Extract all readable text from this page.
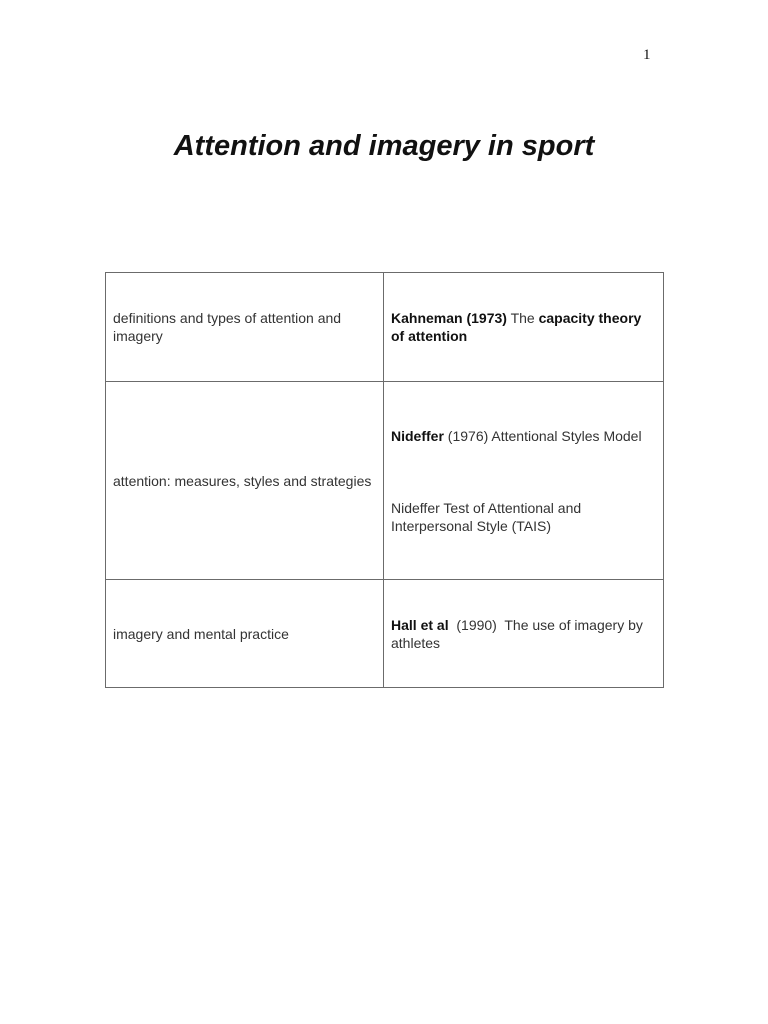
1
Attention and imagery in sport
definitions and types of attention and imagery	Kahneman (1973) The capacity theory of attention
attention: measures, styles and strategies	Nideffer (1976) Attentional Styles Model
Nideffer Test of Attentional and Interpersonal Style (TAIS)

imagery and mental practice	Hall et al  (1990)  The use of imagery by athletes
